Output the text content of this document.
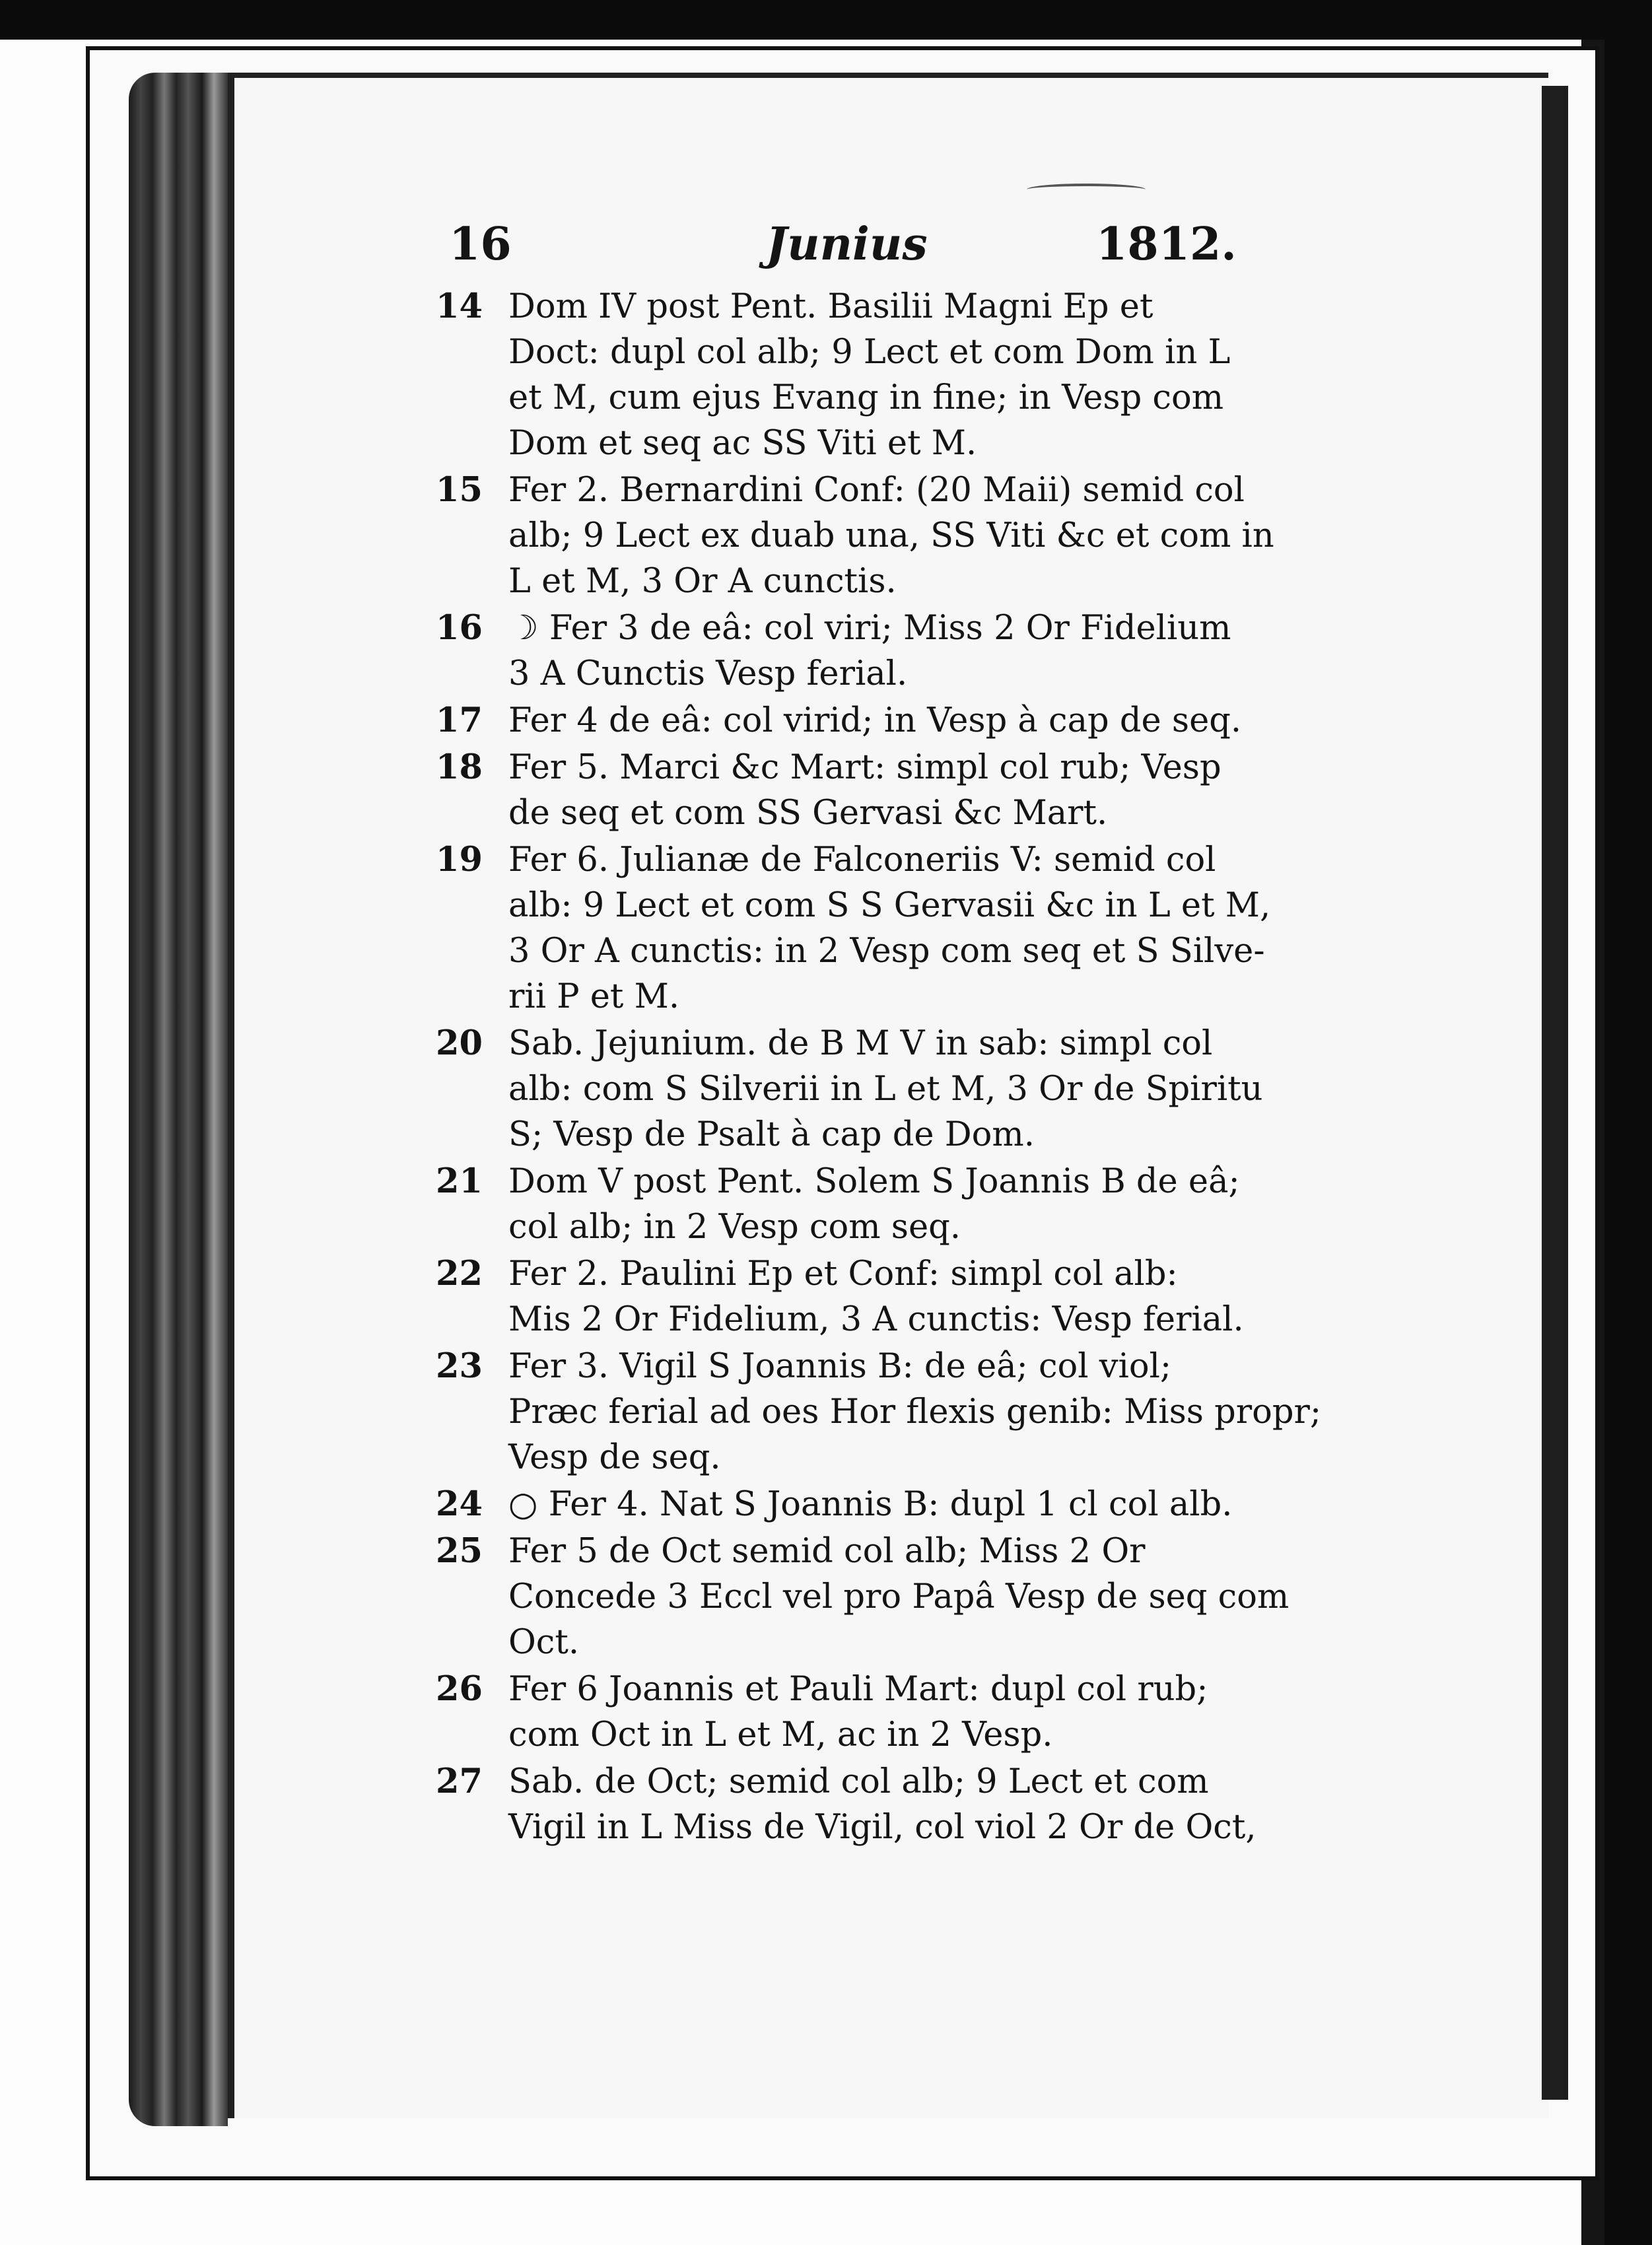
16	Junius	1812.
14 Dom IV post Pent. Basilii Magni Ep et
Doct: dupl col alb; 9 Lect et com Dom in L
et M, cum ejus Evang in fine; in Vesp com
Dom et seq ac SS Viti et M.
15 Fer 2. Bernardini Conf: (20 Maii) semid col
alb; 9 Lect ex duab una, SS Viti &c et com in
L et M, 3 Or A cunctis.
16 ☽ Fer 3 de eâ: col viri; Miss 2 Or Fidelium
3 A Cunctis Vesp ferial.
17 Fer 4 de eâ: col virid; in Vesp à cap de seq.
18 Fer 5. Marci &c Mart: simpl col rub; Vesp
de seq et com SS Gervasi &c Mart.
19 Fer 6. Julianæ de Falconeriis V: semid col
alb: 9 Lect et com S S Gervasii &c in L et M,
3 Or A cunctis: in 2 Vesp com seq et S Silve-
rii P et M.
20 Sab. Jejunium. de B M V in sab: simpl col
alb: com S Silverii in L et M, 3 Or de Spiritu
S; Vesp de Psalt à cap de Dom.
21 Dom V post Pent. Solem S Joannis B de eâ;
col alb; in 2 Vesp com seq.
22 Fer 2. Paulini Ep et Conf: simpl col alb:
Mis 2 Or Fidelium, 3 A cunctis: Vesp ferial.
23 Fer 3. Vigil S Joannis B: de eâ; col viol;
Præc ferial ad oes Hor flexis genib: Miss propr;
Vesp de seq.
24 ○ Fer 4. Nat S Joannis B: dupl 1 cl col alb.
25 Fer 5 de Oct semid col alb; Miss 2 Or
Concede 3 Eccl vel pro Papâ Vesp de seq com
Oct.
26 Fer 6 Joannis et Pauli Mart: dupl col rub;
com Oct in L et M, ac in 2 Vesp.
27 Sab. de Oct; semid col alb; 9 Lect et com
Vigil in L Miss de Vigil, col viol 2 Or de Oct,
